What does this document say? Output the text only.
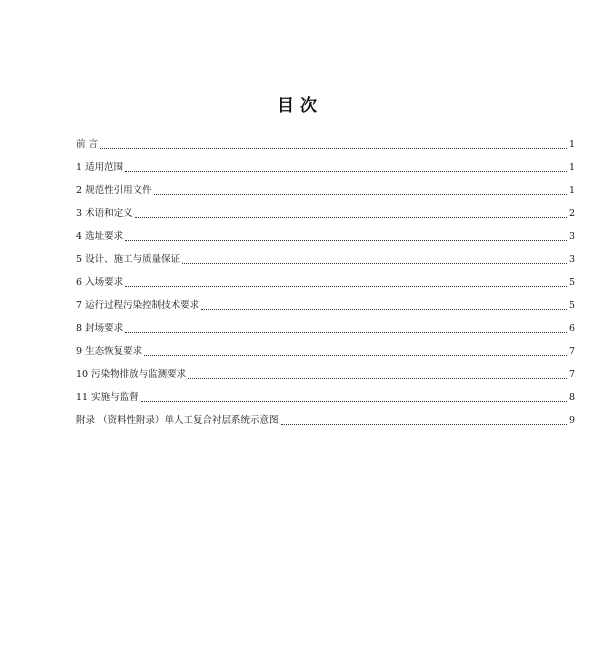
目 次
前 言	1
1 适用范围	1
2 规范性引用文件	1
3 术语和定义	2
4 选址要求	3
5 设计、施工与质量保证	3
6 入场要求	5
7 运行过程污染控制技术要求	5
8 封场要求	6
9 生态恢复要求	7
10 污染物排放与监测要求	7
11 实施与监督	8
附录 （资料性附录）单人工复合衬层系统示意图	9
